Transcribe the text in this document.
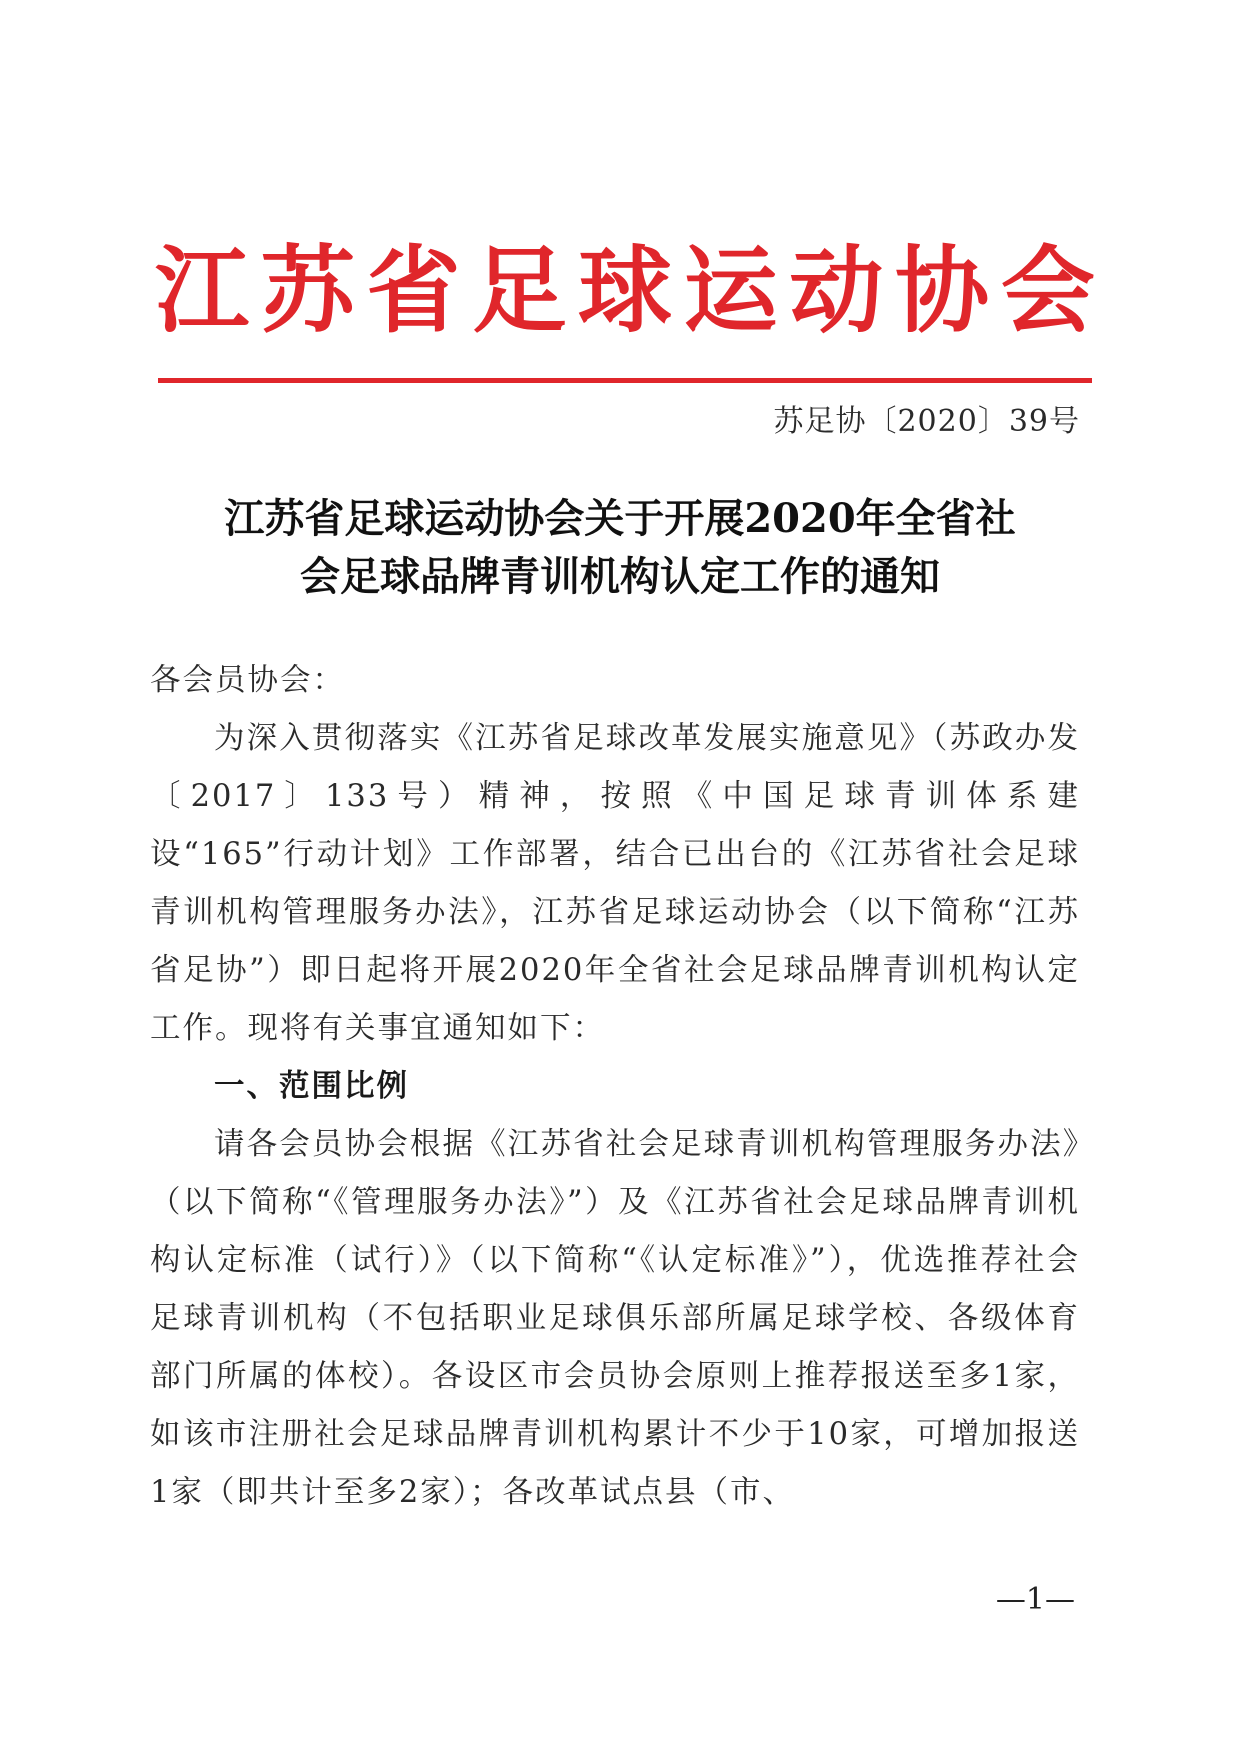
江 苏 省 足 球 运 动 协 会
苏足协〔2020〕39号
江苏省足球运动协会关于开展2020年全省社
会足球品牌青训机构认定工作的通知

各会员协会：

为深入贯彻落实《江苏省足球改革发展实施意见》（苏政办发〔2017〕133号）精神，按照《中国足球青训体系建设“165”行动计划》工作部署，结合已出台的《江苏省社会足球青训机构管理服务办法》，江苏省足球运动协会（以下简称“江苏省足协”）即日起将开展2020年全省社会足球品牌青训机构认定工作。现将有关事宜通知如下：

一、范围比例

请各会员协会根据《江苏省社会足球青训机构管理服务办法》（以下简称“《管理服务办法》”）及《江苏省社会足球品牌青训机构认定标准（试行）》（以下简称“《认定标准》”），优选推荐社会足球青训机构（不包括职业足球俱乐部所属足球学校、各级体育部门所属的体校）。各设区市会员协会原则上推荐报送至多1家，如该市注册社会足球品牌青训机构累计不少于10家，可增加报送1家（即共计至多2家）；各改革试点县（市、

—1—
